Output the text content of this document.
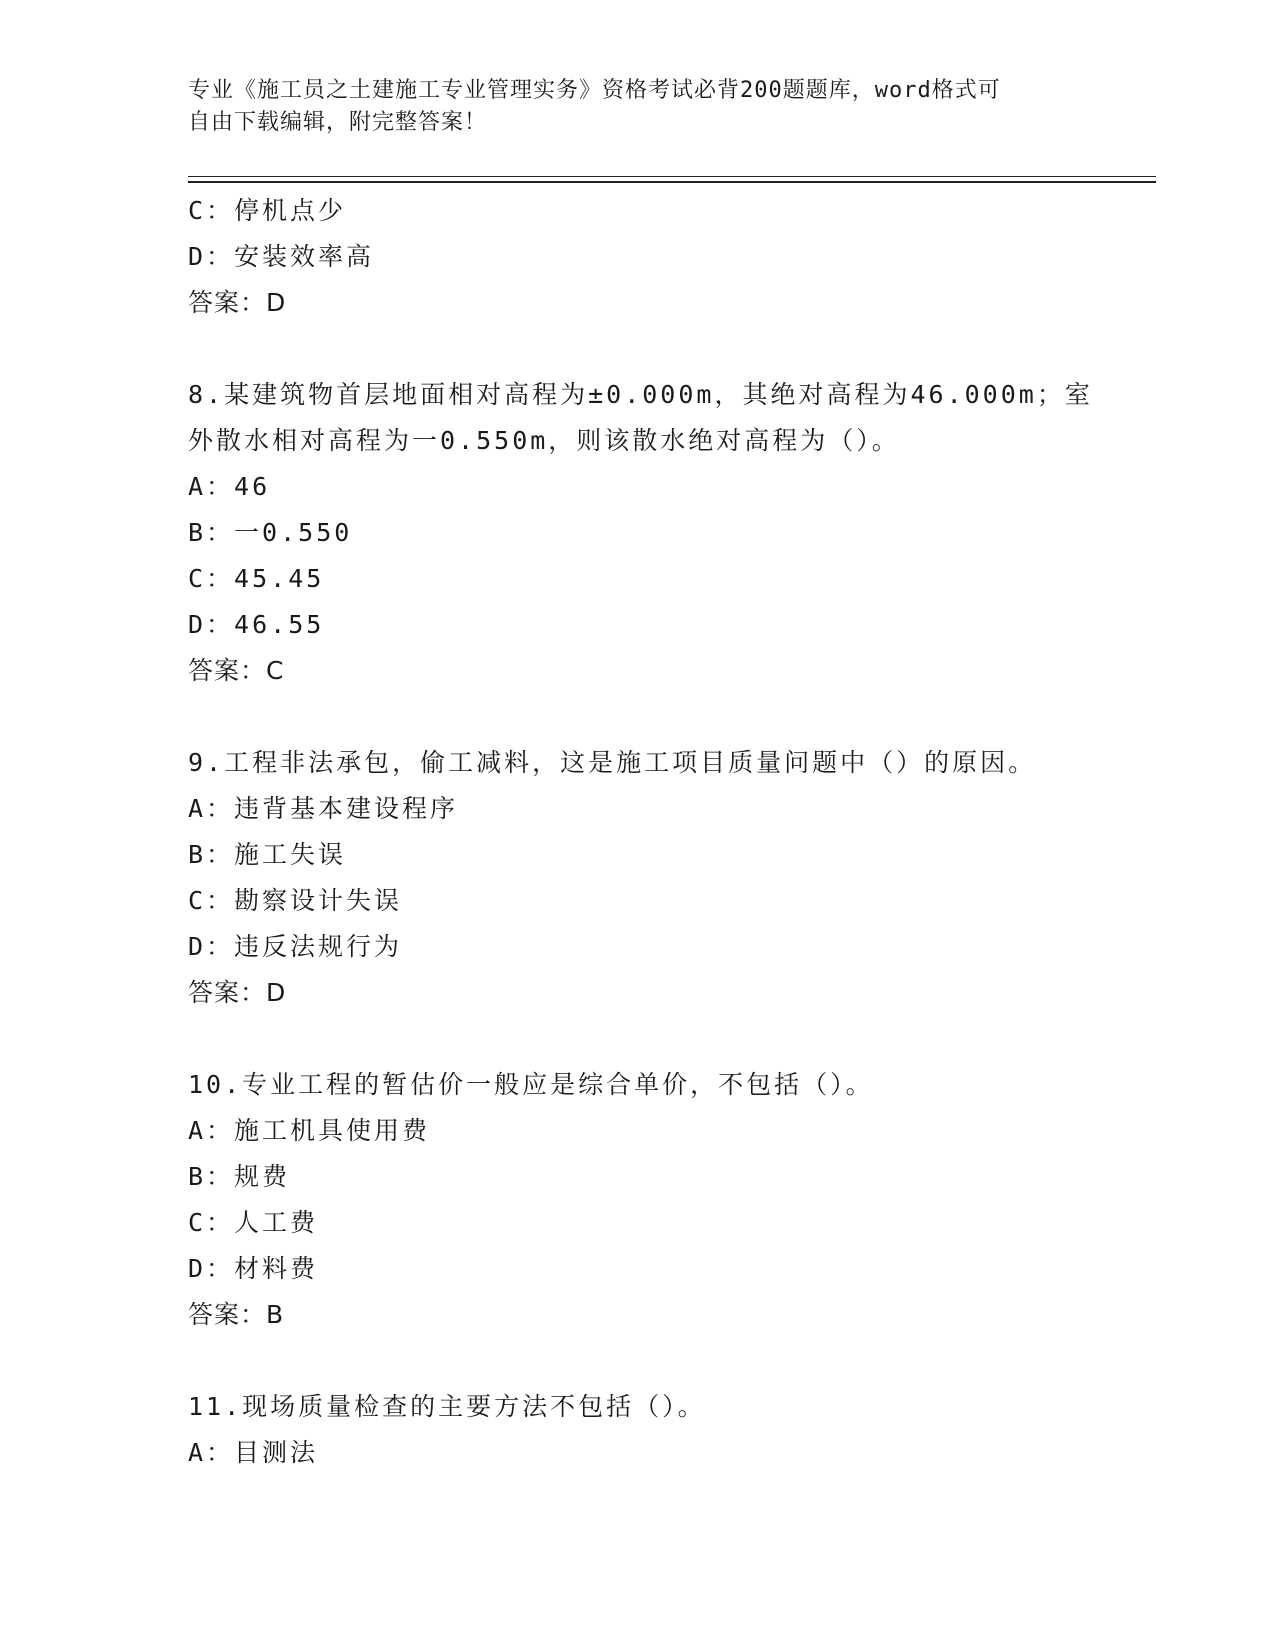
专业《施工员之土建施工专业管理实务》资格考试必背200题题库，word格式可
自由下载编辑，附完整答案！
C：停机点少
D：安装效率高
答案：D
8.某建筑物首层地面相对高程为±0.000m，其绝对高程为46.000m；室
外散水相对高程为一0.550m，则该散水绝对高程为（）。
A：46
B：一0.550
C：45.45
D：46.55
答案：C
9.工程非法承包，偷工减料，这是施工项目质量问题中（）的原因。
A：违背基本建设程序
B：施工失误
C：勘察设计失误
D：违反法规行为
答案：D
10.专业工程的暂估价一般应是综合单价，不包括（）。
A：施工机具使用费
B：规费
C：人工费
D：材料费
答案：B
11.现场质量检查的主要方法不包括（）。
A：目测法
